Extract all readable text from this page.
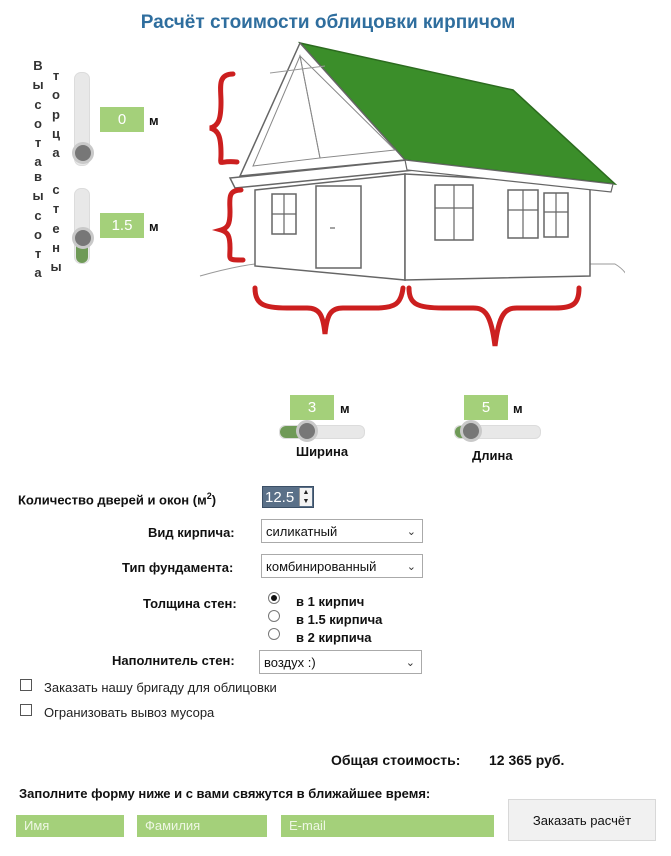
Расчёт стоимости облицовки кирпичом
В
ы
с
о
т
а
т
о
р
ц
а
в
ы
с
о
т
а
с
т
е
н
ы
0	м
1.5	м
3	м
Ширина
5	м
Длина
Количество дверей и окон $(м^2)$	12.5	▲
▼
Вид кирпича:	силикатный	⌄
Тип фундамента:	комбинированный	⌄
Толщина стен:	в 1 кирпич
в 1.5 кирпича
в 2 кирпича
Наполнитель стен:	воздух :)	⌄
Заказать нашу бригаду для облицовки
Огранизовать вывоз мусора
Общая стоимость: 12 365 руб.
Заполните форму ниже и с вами свяжутся в ближайшее время:
Имя	Фамилия	E-mail	Заказать расчёт
